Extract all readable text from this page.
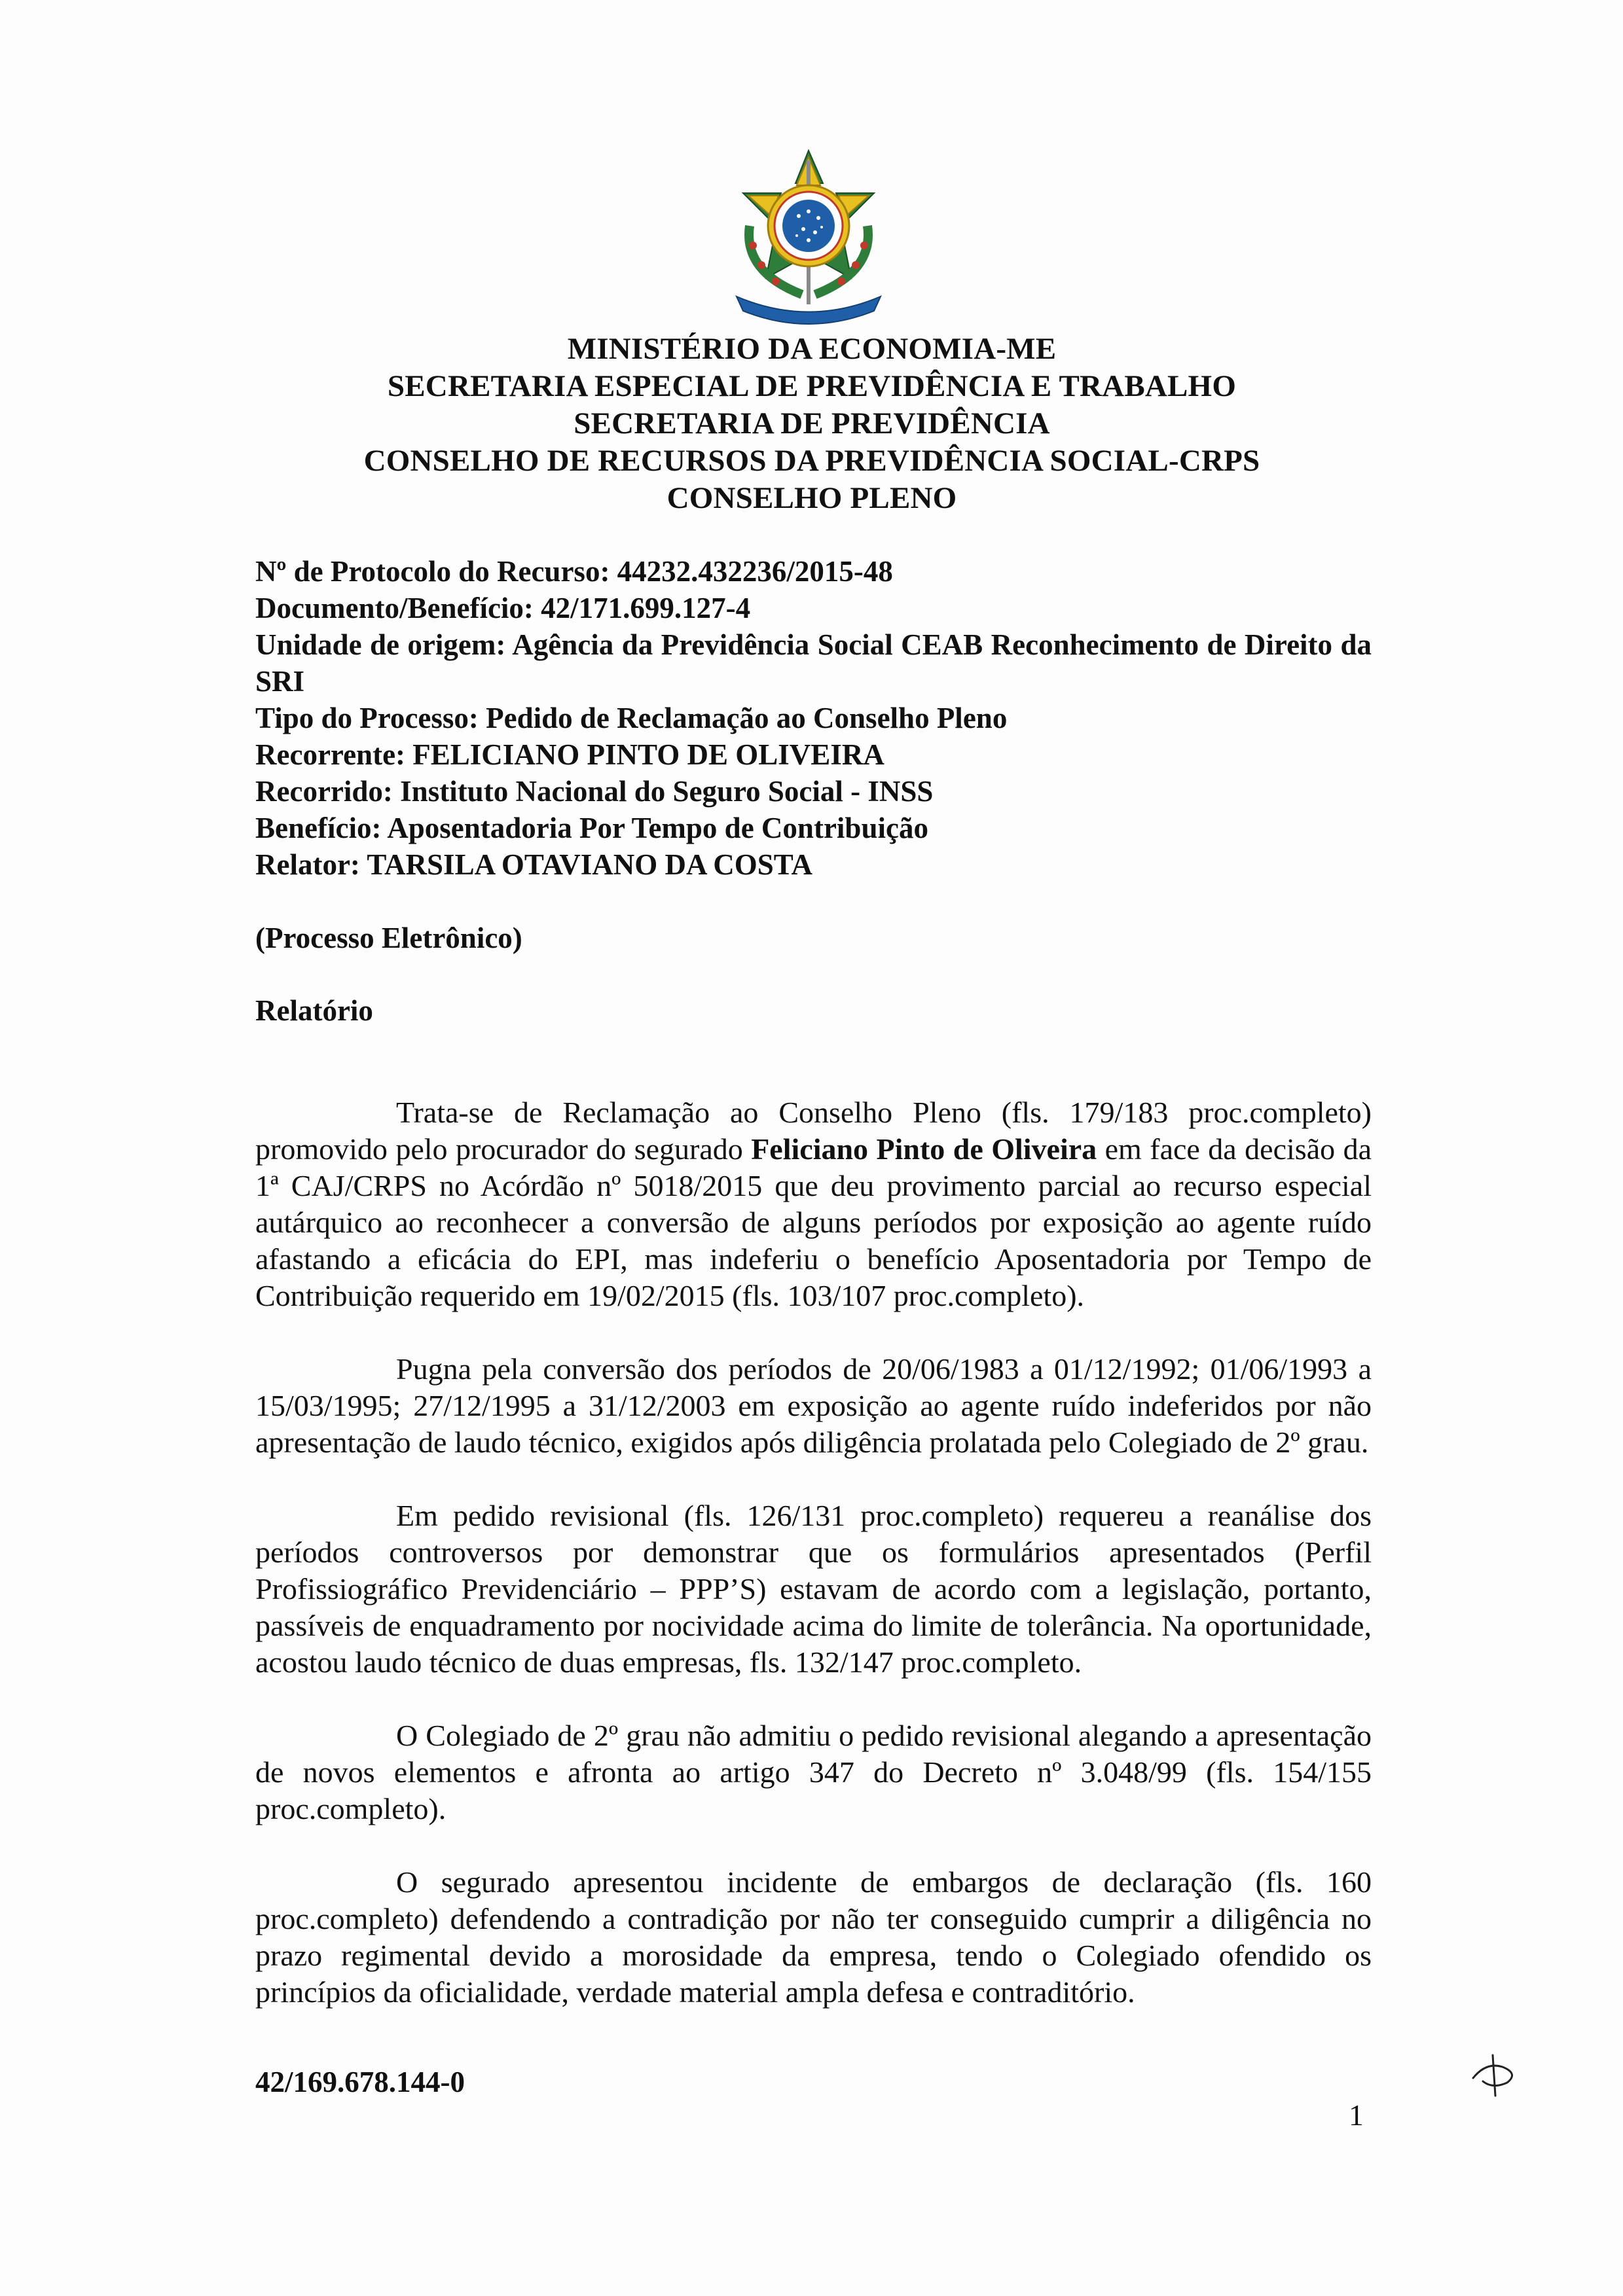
MINISTÉRIO DA ECONOMIA-ME
SECRETARIA ESPECIAL DE PREVIDÊNCIA E TRABALHO
SECRETARIA DE PREVIDÊNCIA
CONSELHO DE RECURSOS DA PREVIDÊNCIA SOCIAL-CRPS
CONSELHO PLENO
Nº de Protocolo do Recurso: 44232.432236/2015-48
Documento/Benefício: 42/171.699.127-4
Unidade de origem: Agência da Previdência Social CEAB Reconhecimento de Direito da SRI
Tipo do Processo: Pedido de Reclamação ao Conselho Pleno
Recorrente: FELICIANO PINTO DE OLIVEIRA
Recorrido: Instituto Nacional do Seguro Social - INSS
Benefício: Aposentadoria Por Tempo de Contribuição
Relator: TARSILA OTAVIANO DA COSTA
(Processo Eletrônico)
Relatório

Trata-se de Reclamação ao Conselho Pleno (fls. 179/183 proc.completo) promovido pelo procurador do segurado Feliciano Pinto de Oliveira em face da decisão da 1ª CAJ/CRPS no Acórdão nº 5018/2015 que deu provimento parcial ao recurso especial autárquico ao reconhecer a conversão de alguns períodos por exposição ao agente ruído afastando a eficácia do EPI, mas indeferiu o benefício Aposentadoria por Tempo de Contribuição requerido em 19/02/2015 (fls. 103/107 proc.completo).

Pugna pela conversão dos períodos de 20/06/1983 a 01/12/1992; 01/06/1993 a 15/03/1995; 27/12/1995 a 31/12/2003 em exposição ao agente ruído indeferidos por não apresentação de laudo técnico, exigidos após diligência prolatada pelo Colegiado de 2º grau.

Em pedido revisional (fls. 126/131 proc.completo) requereu a reanálise dos períodos controversos por demonstrar que os formulários apresentados (Perfil Profissiográfico Previdenciário – PPP’S) estavam de acordo com a legislação, portanto, passíveis de enquadramento por nocividade acima do limite de tolerância. Na oportunidade, acostou laudo técnico de duas empresas, fls. 132/147 proc.completo.

O Colegiado de 2º grau não admitiu o pedido revisional alegando a apresentação de novos elementos e afronta ao artigo 347 do Decreto nº 3.048/99 (fls. 154/155 proc.completo).

O segurado apresentou incidente de embargos de declaração (fls. 160 proc.completo) defendendo a contradição por não ter conseguido cumprir a diligência no prazo regimental devido a morosidade da empresa, tendo o Colegiado ofendido os princípios da oficialidade, verdade material ampla defesa e contraditório.

42/169.678.144-0
1
